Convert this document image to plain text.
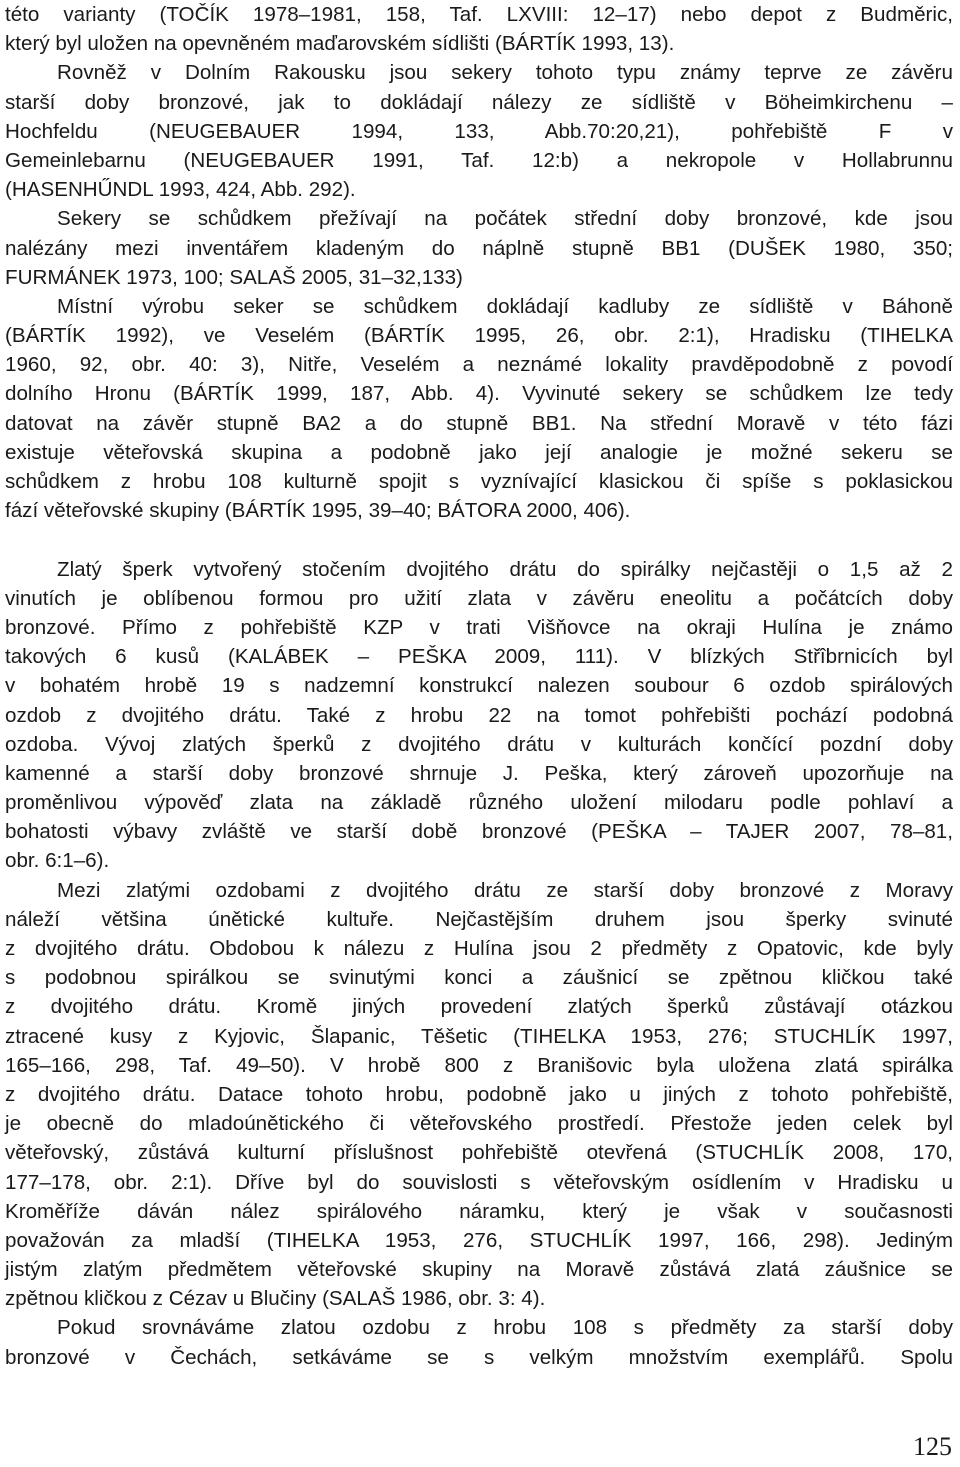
této varianty (TOČÍK 1978–1981, 158, Taf. LXVIII: 12–17) nebo depot z Budměric,
který byl uložen na opevněném maďarovském sídlišti (BÁRTÍK 1993, 13).
Rovněž v Dolním Rakousku jsou sekery tohoto typu známy teprve ze závěru
starší doby bronzové, jak to dokládají nálezy ze sídliště v Böheimkirchenu –
Hochfeldu (NEUGEBAUER 1994, 133, Abb.70:20,21), pohřebiště F v
Gemeinlebarnu (NEUGEBAUER 1991, Taf. 12:b) a nekropole v Hollabrunnu
(HASENHŰNDL 1993, 424, Abb. 292).
Sekery se schůdkem přežívají na počátek střední doby bronzové, kde jsou
nalézány mezi inventářem kladeným do náplně stupně BB1 (DUŠEK 1980, 350;
FURMÁNEK 1973, 100; SALAŠ 2005, 31–32,133)
Místní výrobu seker se schůdkem dokládají kadluby ze sídliště v Báhoně
(BÁRTÍK 1992), ve Veselém (BÁRTÍK 1995, 26, obr. 2:1), Hradisku (TIHELKA
1960, 92, obr. 40: 3), Nitře, Veselém a neznámé lokality pravděpodobně z povodí
dolního Hronu (BÁRTÍK 1999, 187, Abb. 4). Vyvinuté sekery se schůdkem lze tedy
datovat na závěr stupně BA2 a do stupně BB1. Na střední Moravě v této fázi
existuje věteřovská skupina a podobně jako její analogie je možné sekeru se
schůdkem z hrobu 108 kulturně spojit s vyznívající klasickou či spíše s poklasickou
fází věteřovské skupiny (BÁRTÍK 1995, 39–40; BÁTORA 2000, 406).
Zlatý šperk vytvořený stočením dvojitého drátu do spirálky nejčastěji o 1,5 až 2
vinutích je oblíbenou formou pro užití zlata v závěru eneolitu a počátcích doby
bronzové. Přímo z pohřebiště KZP v trati Višňovce na okraji Hulína je známo
takových 6 kusů (KALÁBEK – PEŠKA 2009, 111). V blízkých Střîbrnicích byl
v bohatém hrobě 19 s nadzemní konstrukcí nalezen soubour 6 ozdob spirálových
ozdob z dvojitého drátu. Také z hrobu 22 na tomot pohřebišti pochází podobná
ozdoba. Vývoj zlatých šperků z dvojitého drátu v kulturách končící pozdní doby
kamenné a starší doby bronzové shrnuje J. Peška, který zároveň upozorňuje na
proměnlivou výpověď zlata na základě různého uložení milodaru podle pohlaví a
bohatosti výbavy zvláště ve starší době bronzové (PEŠKA – TAJER 2007, 78–81,
obr. 6:1–6).
Mezi zlatými ozdobami z dvojitého drátu ze starší doby bronzové z Moravy
náleží většina únětické kultuře. Nejčastějším druhem jsou šperky svinuté
z dvojitého drátu. Obdobou k nálezu z Hulína jsou 2 předměty z Opatovic, kde byly
s podobnou spirálkou se svinutými konci a záušnicí se zpětnou kličkou také
z dvojitého drátu. Kromě jiných provedení zlatých šperků zůstávají otázkou
ztracené kusy z Kyjovic, Šlapanic, Těšetic (TIHELKA 1953, 276; STUCHLÍK 1997,
165–166, 298, Taf. 49–50). V hrobě 800 z Branišovic byla uložena zlatá spirálka
z dvojitého drátu. Datace tohoto hrobu, podobně jako u jiných z tohoto pohřebiště,
je obecně do mladoúnětického či věteřovského prostředí. Přestože jeden celek byl
věteřovský, zůstává kulturní příslušnost pohřebiště otevřená (STUCHLÍK 2008, 170,
177–178, obr. 2:1). Dříve byl do souvislosti s věteřovským osídlením v Hradisku u
Kroměříže dáván nález spirálového náramku, který je však v současnosti
považován za mladší (TIHELKA 1953, 276, STUCHLÍK 1997, 166, 298). Jediným
jistým zlatým předmětem věteřovské skupiny na Moravě zůstává zlatá záušnice se
zpětnou kličkou z Cézav u Blučiny (SALAŠ 1986, obr. 3: 4).
Pokud srovnáváme zlatou ozdobu z hrobu 108 s předměty za starší doby
bronzové v Čechách, setkáváme se s velkým množstvím exemplářů. Spolu
125
